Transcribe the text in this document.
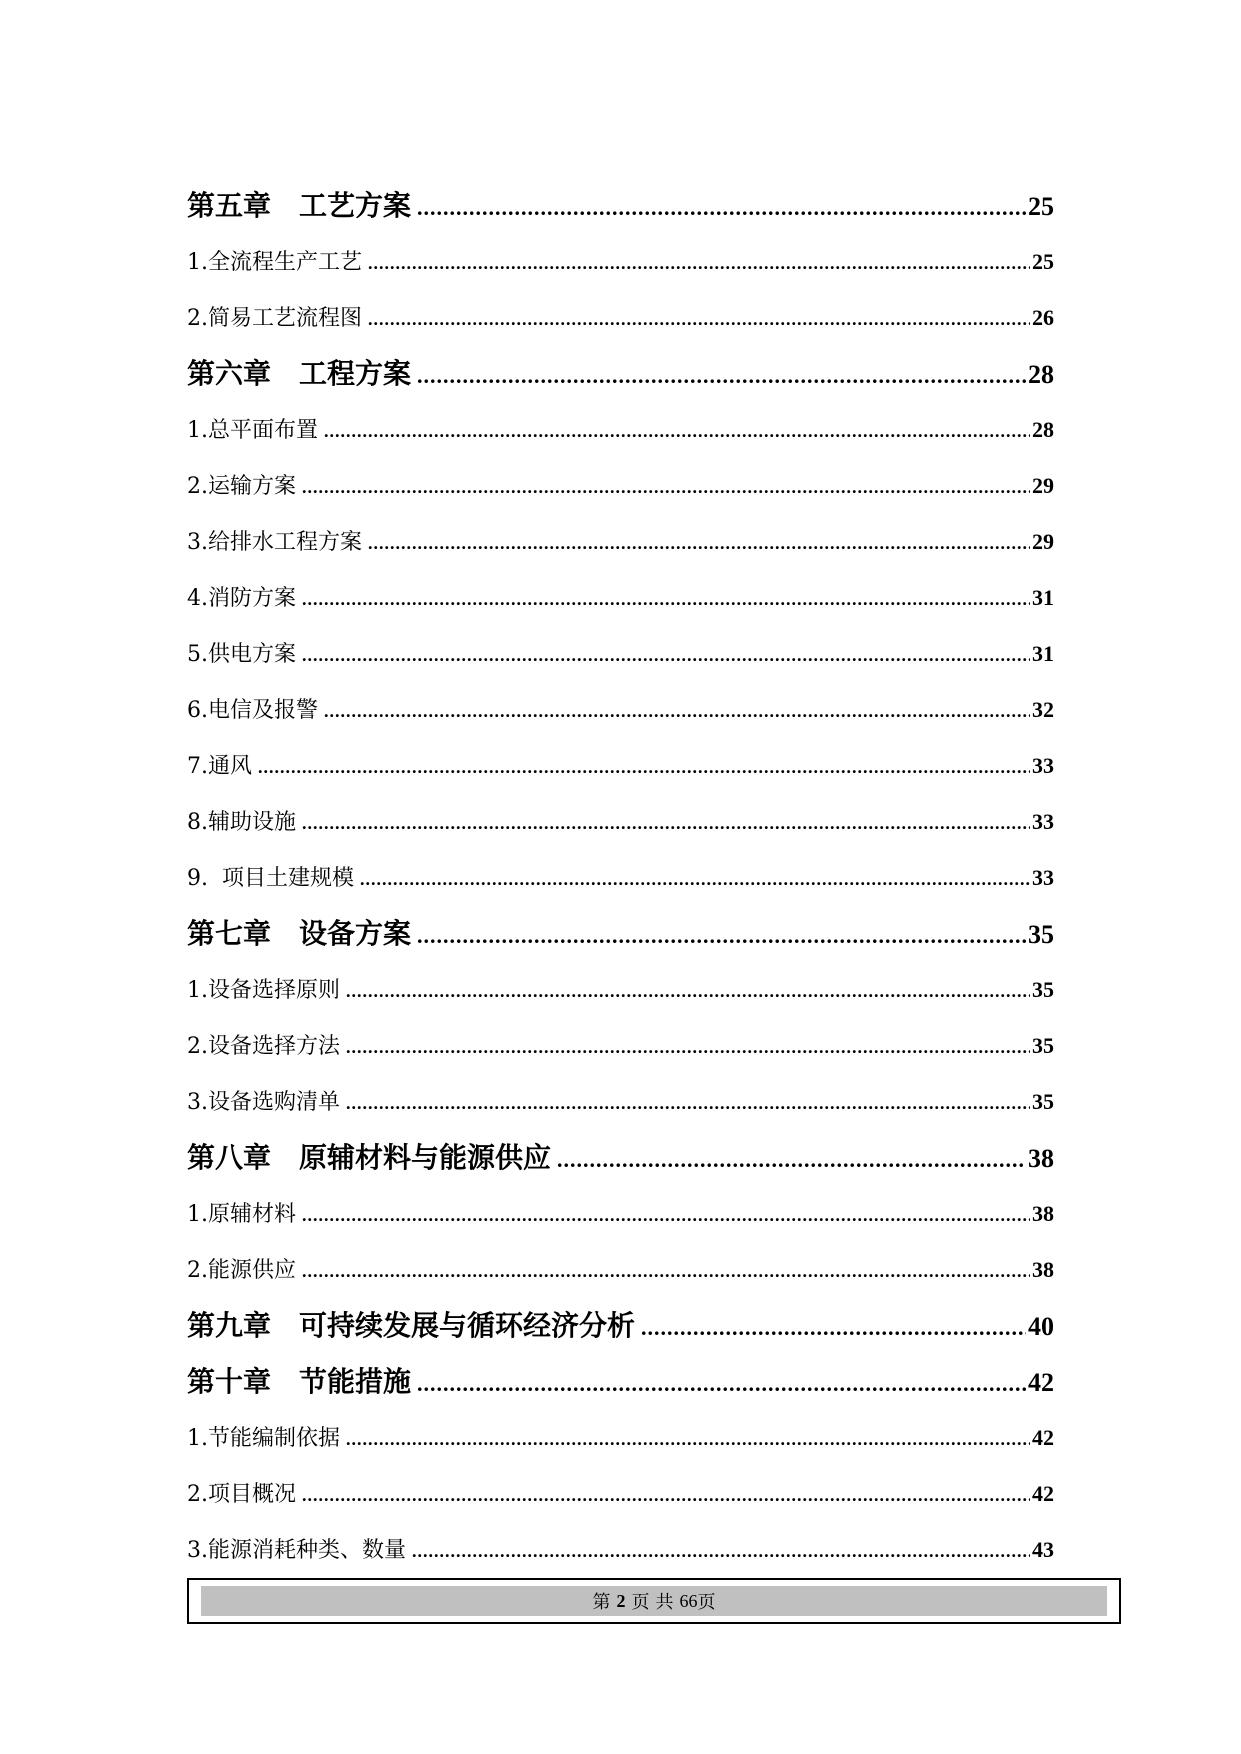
第五章　工艺方案 .....	25
1.全流程生产工艺 .....	25
2.简易工艺流程图 .....	26
第六章　工程方案 .....	28
1.总平面布置 .....	28
2.运输方案 .....	29
3.给排水工程方案 .....	29
4.消防方案 .....	31
5.供电方案 .....	31
6.电信及报警 .....	32
7.通风 .....	33
8.辅助设施 .....	33
9.  项目土建规模 .....	33
第七章　设备方案 .....	35
1.设备选择原则 .....	35
2.设备选择方法 .....	35
3.设备选购清单 .....	35
第八章　原辅材料与能源供应 .....	38
1.原辅材料 .....	38
2.能源供应 .....	38
第九章　可持续发展与循环经济分析 .....	40
第十章　节能措施 .....	42
1.节能编制依据 .....	42
2.项目概况 .....	42
3.能源消耗种类、数量 .....	43
第 2 页 共 66 页
